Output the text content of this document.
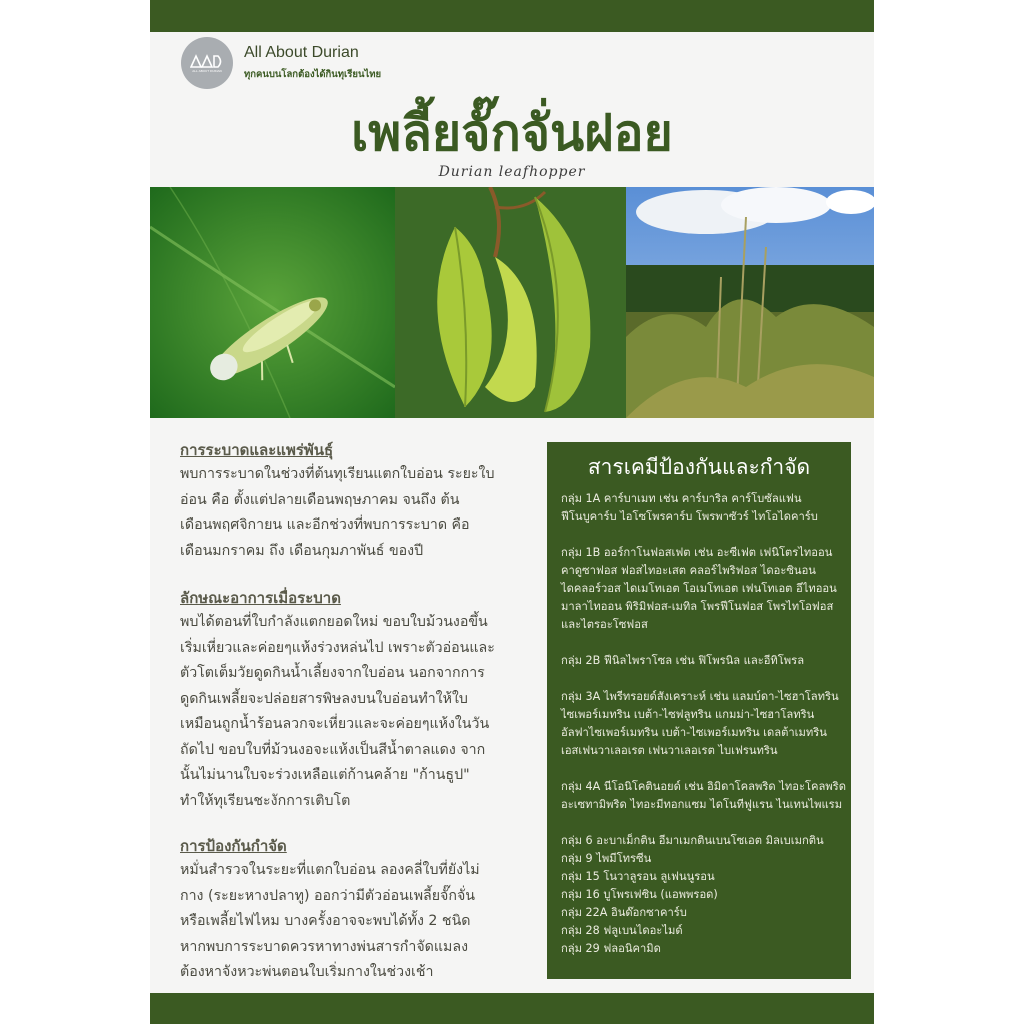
ALL ABOUT DURIAN
All About Durian
ทุกคนบนโลกต้องได้กินทุเรียนไทย
เพลี้ยจั๊กจั่นฝอย
Durian leafhopper

การระบาดและแพร่พันธุ์

พบการระบาดในช่วงที่ต้นทุเรียนแตกใบอ่อน ระยะใบ
อ่อน คือ ตั้งแต่ปลายเดือนพฤษภาคม จนถึง ต้น
เดือนพฤศจิกายน และอีกช่วงที่พบการระบาด คือ
เดือนมกราคม ถึง เดือนกุมภาพันธ์ ของปี

ลักษณะอาการเมื่อระบาด

พบได้ตอนที่ใบกำลังแตกยอดใหม่ ขอบใบม้วนงอขึ้น
เริ่มเหี่ยวและค่อยๆแห้งร่วงหล่นไป เพราะตัวอ่อนและ
ตัวโตเต็มวัยดูดกินน้ำเลี้ยงจากใบอ่อน นอกจากการ
ดูดกินเพลี้ยจะปล่อยสารพิษลงบนใบอ่อนทำให้ใบ
เหมือนถูกน้ำร้อนลวกจะเหี่ยวและจะค่อยๆแห้งในวัน
ถัดไป ขอบใบที่ม้วนงอจะแห้งเป็นสีน้ำตาลแดง จาก
นั้นไม่นานใบจะร่วงเหลือแต่ก้านคล้าย "ก้านธูป"
ทำให้ทุเรียนชะงักการเติบโต

การป้องกันกำจัด

หมั่นสำรวจในระยะที่แตกใบอ่อน ลองคลี่ใบที่ยังไม่
กาง (ระยะหางปลาทู) ออกว่ามีตัวอ่อนเพลี้ยจั๊กจั่น
หรือเพลี้ยไฟไหม บางครั้งอาจจะพบได้ทั้ง 2 ชนิด
หากพบการระบาดควรหาทางพ่นสารกำจัดแมลง
ต้องหาจังหวะพ่นตอนใบเริ่มกางในช่วงเช้า

สารเคมีป้องกันและกำจัด

กลุ่ม 1A คาร์บาเมท เช่น คาร์บาริล คาร์โบซัลแฟน
ฟีโนบูคาร์บ ไอโซโพรคาร์บ โพรพาซัวร์ ไทโอไดคาร์บ

กลุ่ม 1B ออร์กาโนฟอสเฟต เช่น อะซีเฟต เฟนิโตรไทออน
คาดูซาฟอส ฟอสไทอะเสต คลอร์ไพริฟอส ไดอะซินอน
ไดคลอร์วอส ไดเมโทเอต โอเมโทเอต เฟนโทเอต อีไทออน
มาลาไทออน พิริมิฟอส-เมทิล โพรฟีโนฟอส โพรไทโอฟอส
และไตรอะโซฟอส

กลุ่ม 2B ฟีนิลไพราโซล เช่น ฟิโพรนิล และอีทิโพรล

กลุ่ม 3A ไพรีทรอยด์สังเคราะห์ เช่น แลมบ์ดา-ไซฮาโลทริน
ไซเพอร์เมทริน เบต้า-ไซฟลูทริน แกมม่า-ไซฮาโลทริน
อัลฟาไซเพอร์เมทริน เบต้า-ไซเพอร์เมทริน เดลต้าเมทริน
เอสเฟนวาเลอเรต เฟนวาเลอเรต ไบเฟรนทริน

กลุ่ม 4A นีโอนิโคตินอยด์ เช่น อิมิดาโคลพริด ไทอะโคลพริด
อะเซทามิพริด ไทอะมีทอกแซม ไดโนทีฟูแรน ไนเทนไพแรม

กลุ่ม 6 อะบาเม็กติน อีมาเมกตินเบนโซเอต มิลเบเมกติน

กลุ่ม 9 ไพมีโทรซีน

กลุ่ม 15 โนวาลูรอน ลูเฟนนูรอน

กลุ่ม 16 บูโพรเฟซิน (แอพพรอด)

กลุ่ม 22A อินด๊อกซาคาร์บ

กลุ่ม 28 ฟลูเบนไดอะไมด์

กลุ่ม 29 ฟลอนิคามิด
